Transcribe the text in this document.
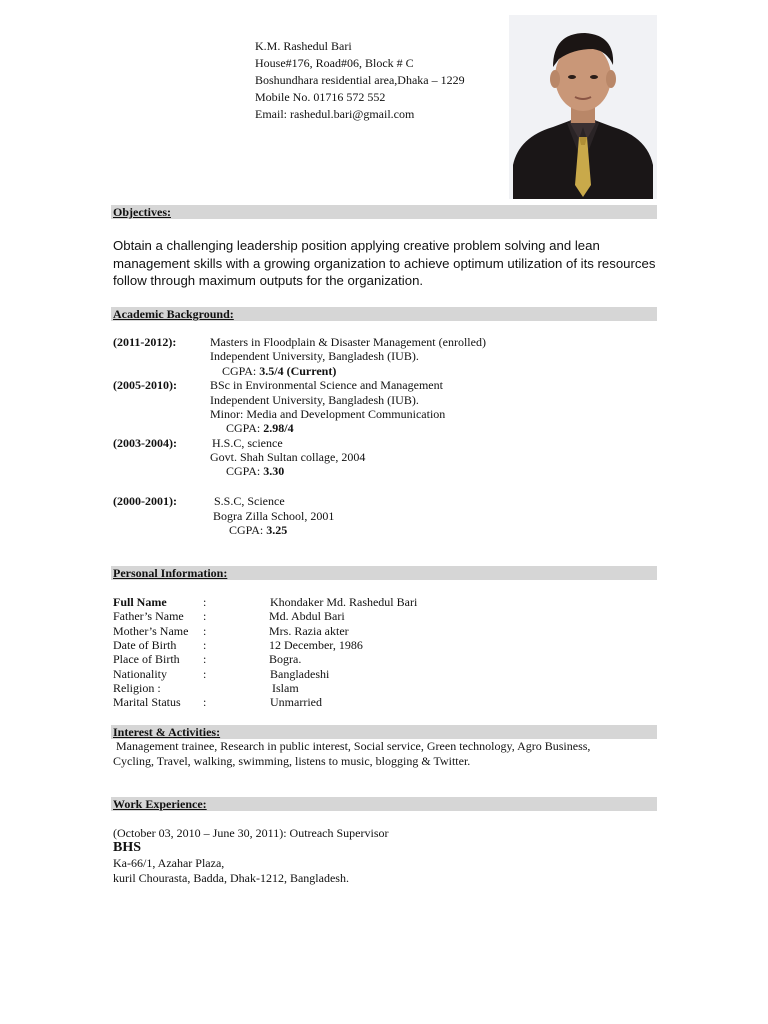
K.M. Rashedul Bari
House#176, Road#06, Block # C
Boshundhara residential area,Dhaka – 1229
Mobile No. 01716 572 552
Email: rashedul.bari@gmail.com
Objectives:
Obtain a challenging leadership position applying creative problem solving and lean management skills with a growing organization to achieve optimum utilization of its resources follow through maximum outputs for the organization.
Academic Background:
(2011-2012):	Masters in Floodplain & Disaster Management (enrolled)
Independent University, Bangladesh (IUB).
CGPA: 3.5/4 (Current)
(2005-2010):	BSc in Environmental Science and Management
Independent University, Bangladesh (IUB).
Minor: Media and Development Communication
CGPA: 2.98/4
(2003-2004):	H.S.C, science
Govt. Shah Sultan collage, 2004
CGPA: 3.30
(2000-2001):	S.S.C, Science
Bogra Zilla School, 2001
CGPA: 3.25
Personal Information:
Full Name	:	Khondaker Md. Rashedul Bari
Father’s Name :	Md. Abdul Bari
Mother’s Name :	Mrs. Razia akter
Date of Birth :	12 December, 1986
Place of Birth :	Bogra.
Nationality	:	Bangladeshi
Religion :	Islam
Marital Status :	Unmarried
Interest & Activities:
Management trainee, Research in public interest, Social service, Green technology, Agro Business,
Cycling, Travel, walking, swimming, listens to music, blogging & Twitter.
Work Experience:
(October 03, 2010 – June 30, 2011): Outreach Supervisor
BHS
Ka-66/1, Azahar Plaza,
kuril Chourasta, Badda, Dhak-1212, Bangladesh.
